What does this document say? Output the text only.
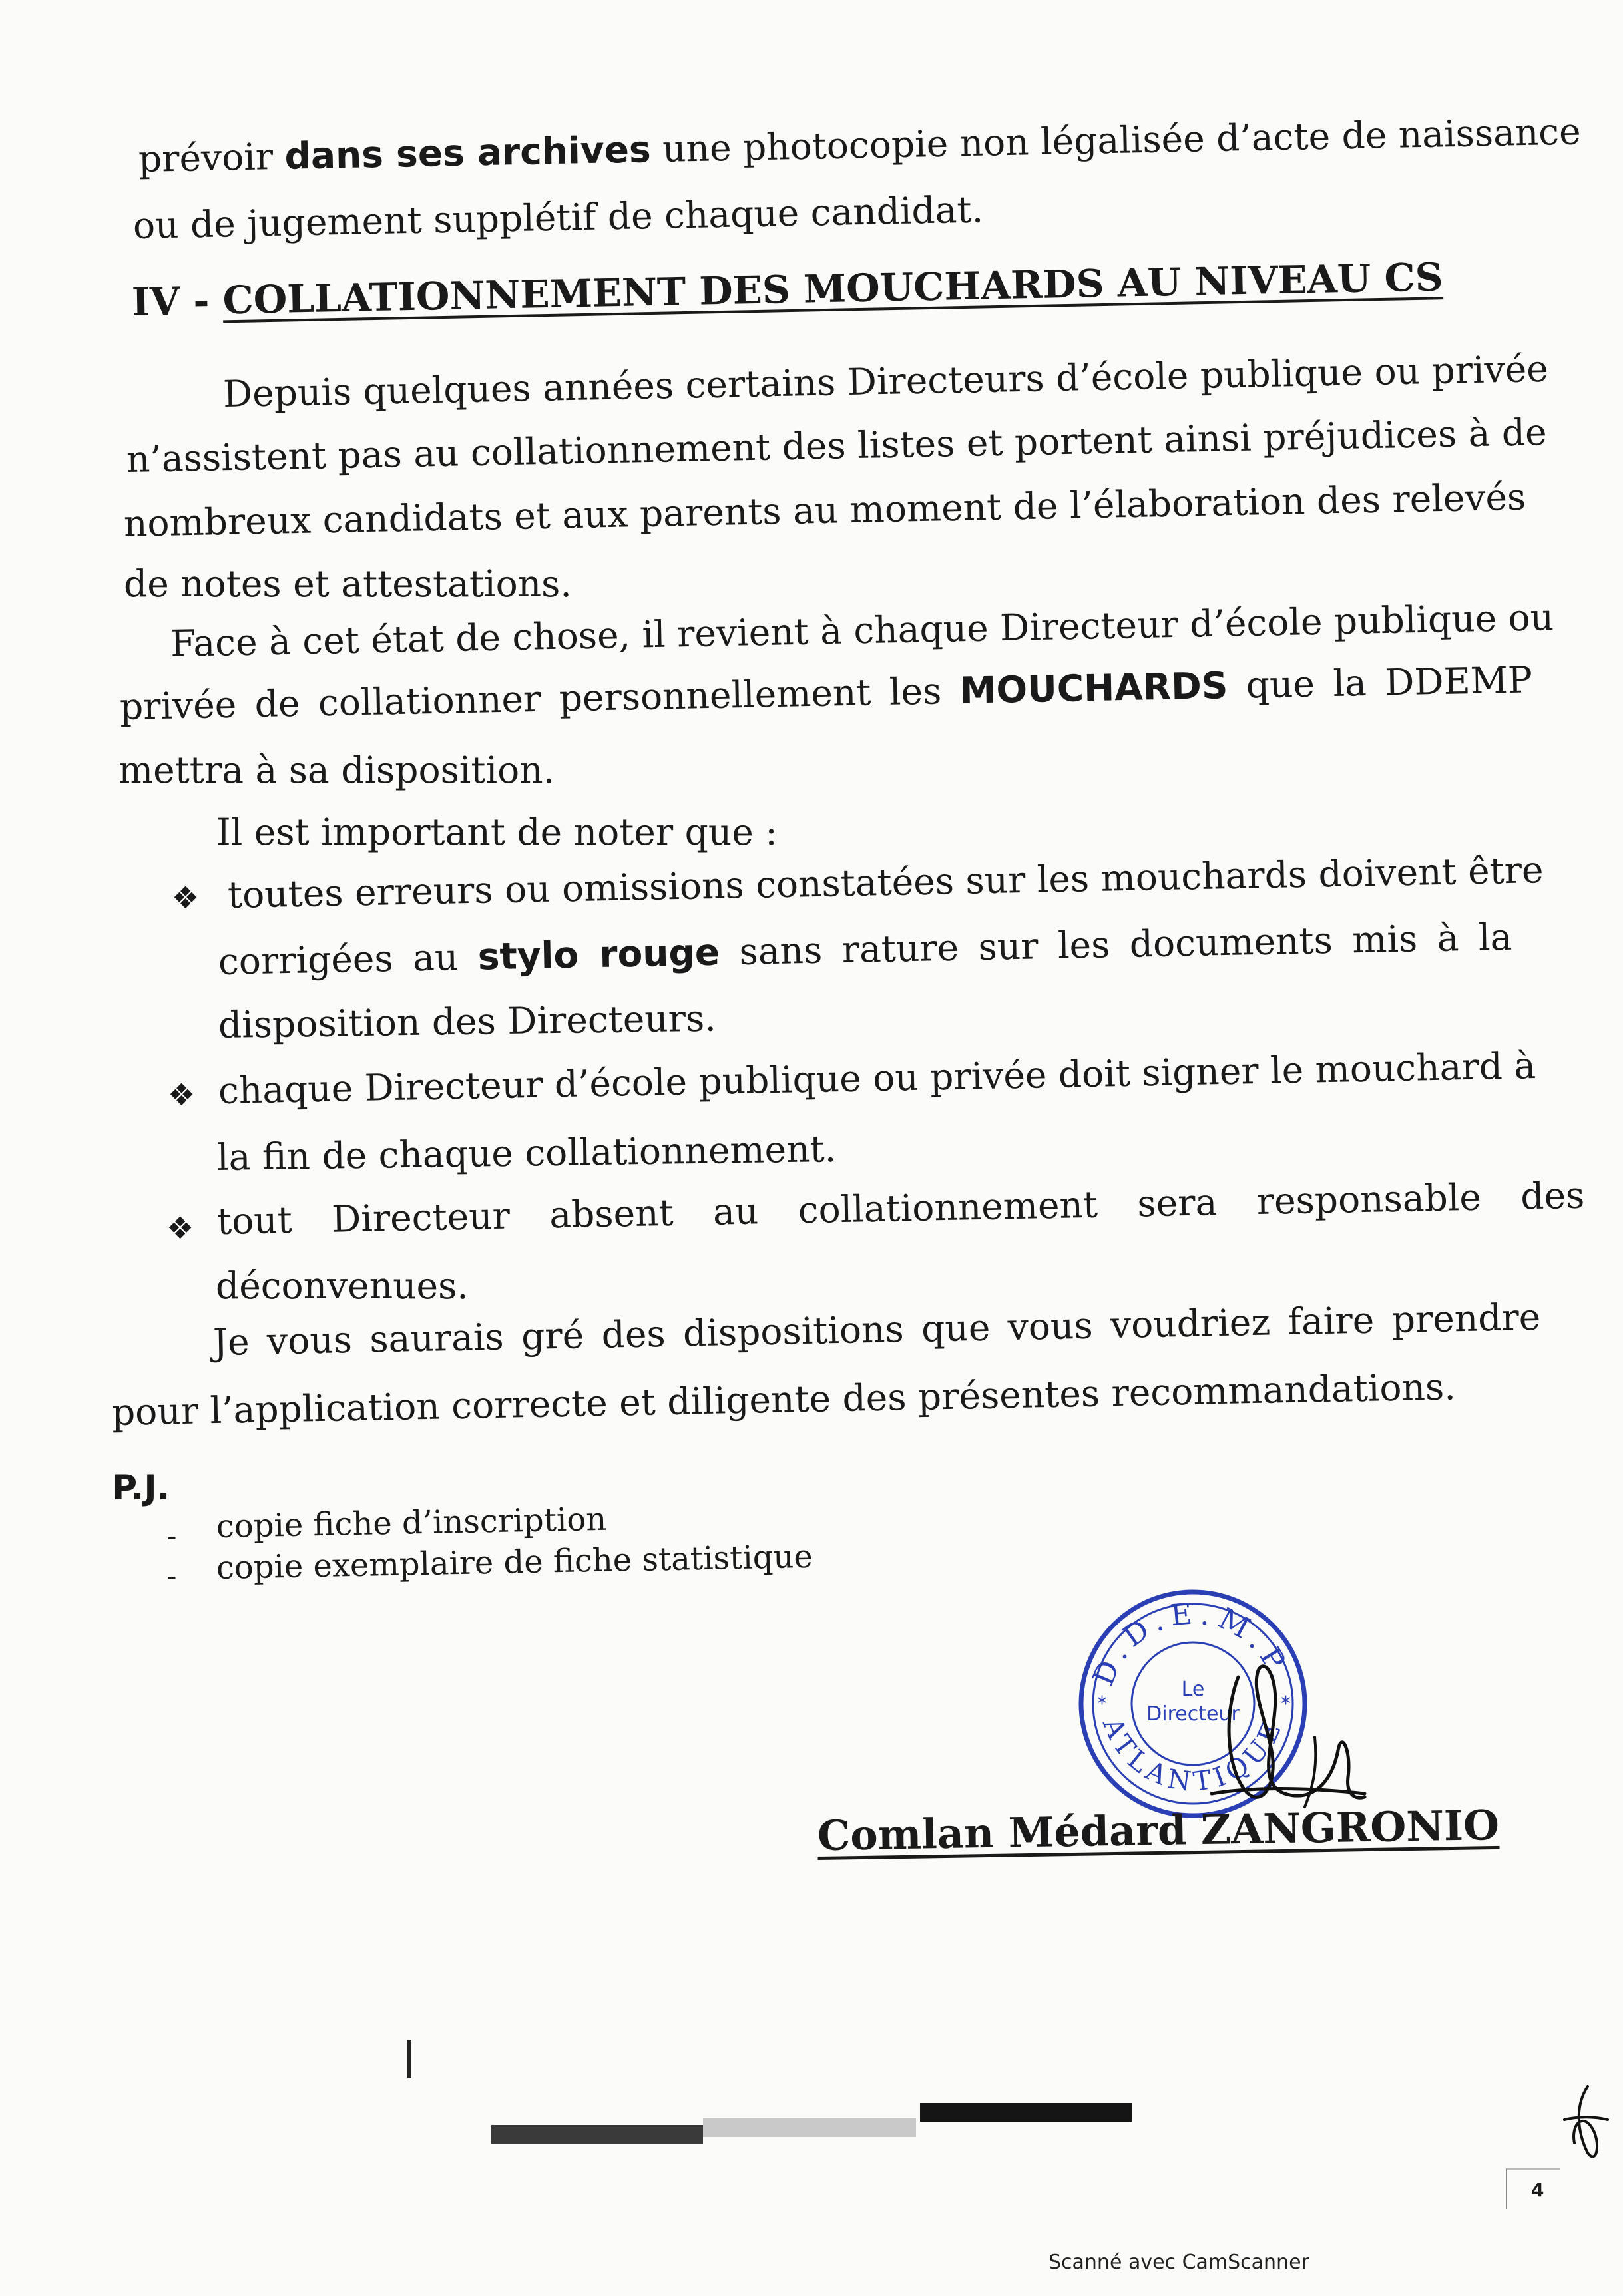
prévoir dans ses archives une photocopie non légalisée d’acte de naissance
ou de jugement supplétif de chaque candidat.
IV - COLLATIONNEMENT DES MOUCHARDS AU NIVEAU CS
Depuis quelques années certains Directeurs d’école publique ou privée
n’assistent pas au collationnement des listes et portent ainsi préjudices à de
nombreux candidats et aux parents au moment de l’élaboration des relevés
de notes et attestations.
Face à cet état de chose, il revient à chaque Directeur d’école publique ou
privée de collationner personnellement les MOUCHARDS que la DDEMP
mettra à sa disposition.
Il est important de noter que :
❖ toutes erreurs ou omissions constatées sur les mouchards doivent être
corrigées au stylo rouge sans rature sur les documents mis à la
disposition des Directeurs.
❖ chaque Directeur d’école publique ou privée doit signer le mouchard à
la fin de chaque collationnement.
❖ tout Directeur absent au collationnement sera responsable des
déconvenues.
Je vous saurais gré des dispositions que vous voudriez faire prendre
pour l’application correcte et diligente des présentes recommandations.
P.J.
- copie fiche d’inscription
- copie exemplaire de fiche statistique
D.D.E.M.P.
ATLANTIQUE
*	*
Le
Directeur
Comlan Médard ZANGRONIO
4
Scanné avec CamScanner
